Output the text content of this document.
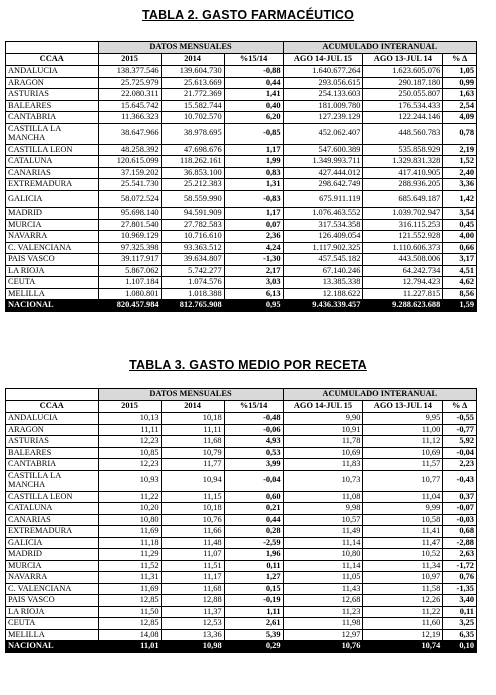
TABLA 2. GASTO FARMACÉUTICO
	DATOS MENSUALES			ACUMULADO INTERANUAL		
CCAA	2015	2014	%15/14	AGO 14-JUL 15	AGO 13-JUL 14	% Δ
ANDALUCIA	138.377.546	139.604.730	-0,88	1.640.677.264	1.623.605.076	1,05
ARAGON	25.725.979	25.613.669	0,44	293.056.615	290.187.180	0,99
ASTURIAS	22.080.311	21.772.369	1,41	254.133.603	250.055.807	1,63
BALEARES	15.645.742	15.582.744	0,40	181.009.780	176.534.433	2,54
CANTABRIA	11.366.323	10.702.570	6,20	127.239.129	122.244.146	4,09
CASTILLA LA MANCHA	38.647.966	38.978.695	-0,85	452.062.407	448.560.783	0,78
CASTILLA LEON	48.258.392	47.698.676	1,17	547.600.389	535.858.929	2,19
CATALUNA	120.615.099	118.262.161	1,99	1.349.993.711	1.329.831.328	1,52
CANARIAS	37.159.202	36.853.100	0,83	427.444.012	417.410.905	2,40
EXTREMADURA	25.541.730	25.212.383	1,31	298.642.749	288.936.205	3,36
GALICIA	58.072.524	58.559.990	-0,83	675.911.119	685.649.187	1,42
MADRID	95.698.140	94.591.909	1,17	1.076.463.552	1.039.702.947	3,54
MURCIA	27.801.540	27.782.583	0,07	317.534.358	316.115.253	0,45
NAVARRA	10.969.129	10.716.610	2,36	126.409.054	121.552.928	4,00
C. VALENCIANA	97.325.398	93.363.512	4,24	1.117.902.325	1.110.606.373	0,66
PAIS VASCO	39.117.917	39.634.807	-1,30	457.545.182	443.508.006	3,17
LA RIOJA	5.867.062	5.742.277	2,17	67.140.246	64.242.734	4,51
CEUTA	1.107.184	1.074.576	3,03	13.385.338	12.794.423	4,62
MELILLA	1.080.801	1.018.388	6,13	12.188.622	11.227.815	8,56
NACIONAL	820.457.984	812.765.908	0,95	9.436.339.457	9.288.623.688	1,59
TABLA 3. GASTO MEDIO POR RECETA
	DATOS MENSUALES			ACUMULADO INTERANUAL		
CCAA	2015	2014	%15/14	AGO 14-JUL 15	AGO 13-JUL 14	% Δ
ANDALUCIA	10,13	10,18	-0,48	9,90	9,95	-0,55
ARAGON	11,11	11,11	-0,06	10,91	11,00	-0,77
ASTURIAS	12,23	11,68	4,93	11,78	11,12	5,92
BALEARES	10,85	10,79	0,53	10,69	10,69	-0,04
CANTABRIA	12,23	11,77	3,99	11,83	11,57	2,23
CASTILLA LA MANCHA	10,93	10,94	-0,04	10,73	10,77	-0,43
CASTILLA LEON	11,22	11,15	0,60	11,08	11,04	0,37
CATALUNA	10,20	10,18	0,21	9,98	9,99	-0,07
CANARIAS	10,80	10,76	0,44	10,57	10,58	-0,03
EXTREMADURA	11,69	11,66	0,28	11,49	11,41	0,68
GALICIA	11,18	11,48	-2,59	11,14	11,47	-2,88
MADRID	11,29	11,07	1,96	10,80	10,52	2,63
MURCIA	11,52	11,51	0,11	11,14	11,34	-1,72
NAVARRA	11,31	11,17	1,27	11,05	10,97	0,76
C. VALENCIANA	11,69	11,68	0,15	11,43	11,58	-1,35
PAIS VASCO	12,85	12,88	-0,19	12,68	12,26	3,40
LA RIOJA	11,50	11,37	1,11	11,23	11,22	0,11
CEUTA	12,85	12,53	2,61	11,98	11,60	3,25
MELILLA	14,08	13,36	5,39	12,97	12,19	6,35
NACIONAL	11,01	10,98	0,29	10,76	10,74	0,10
